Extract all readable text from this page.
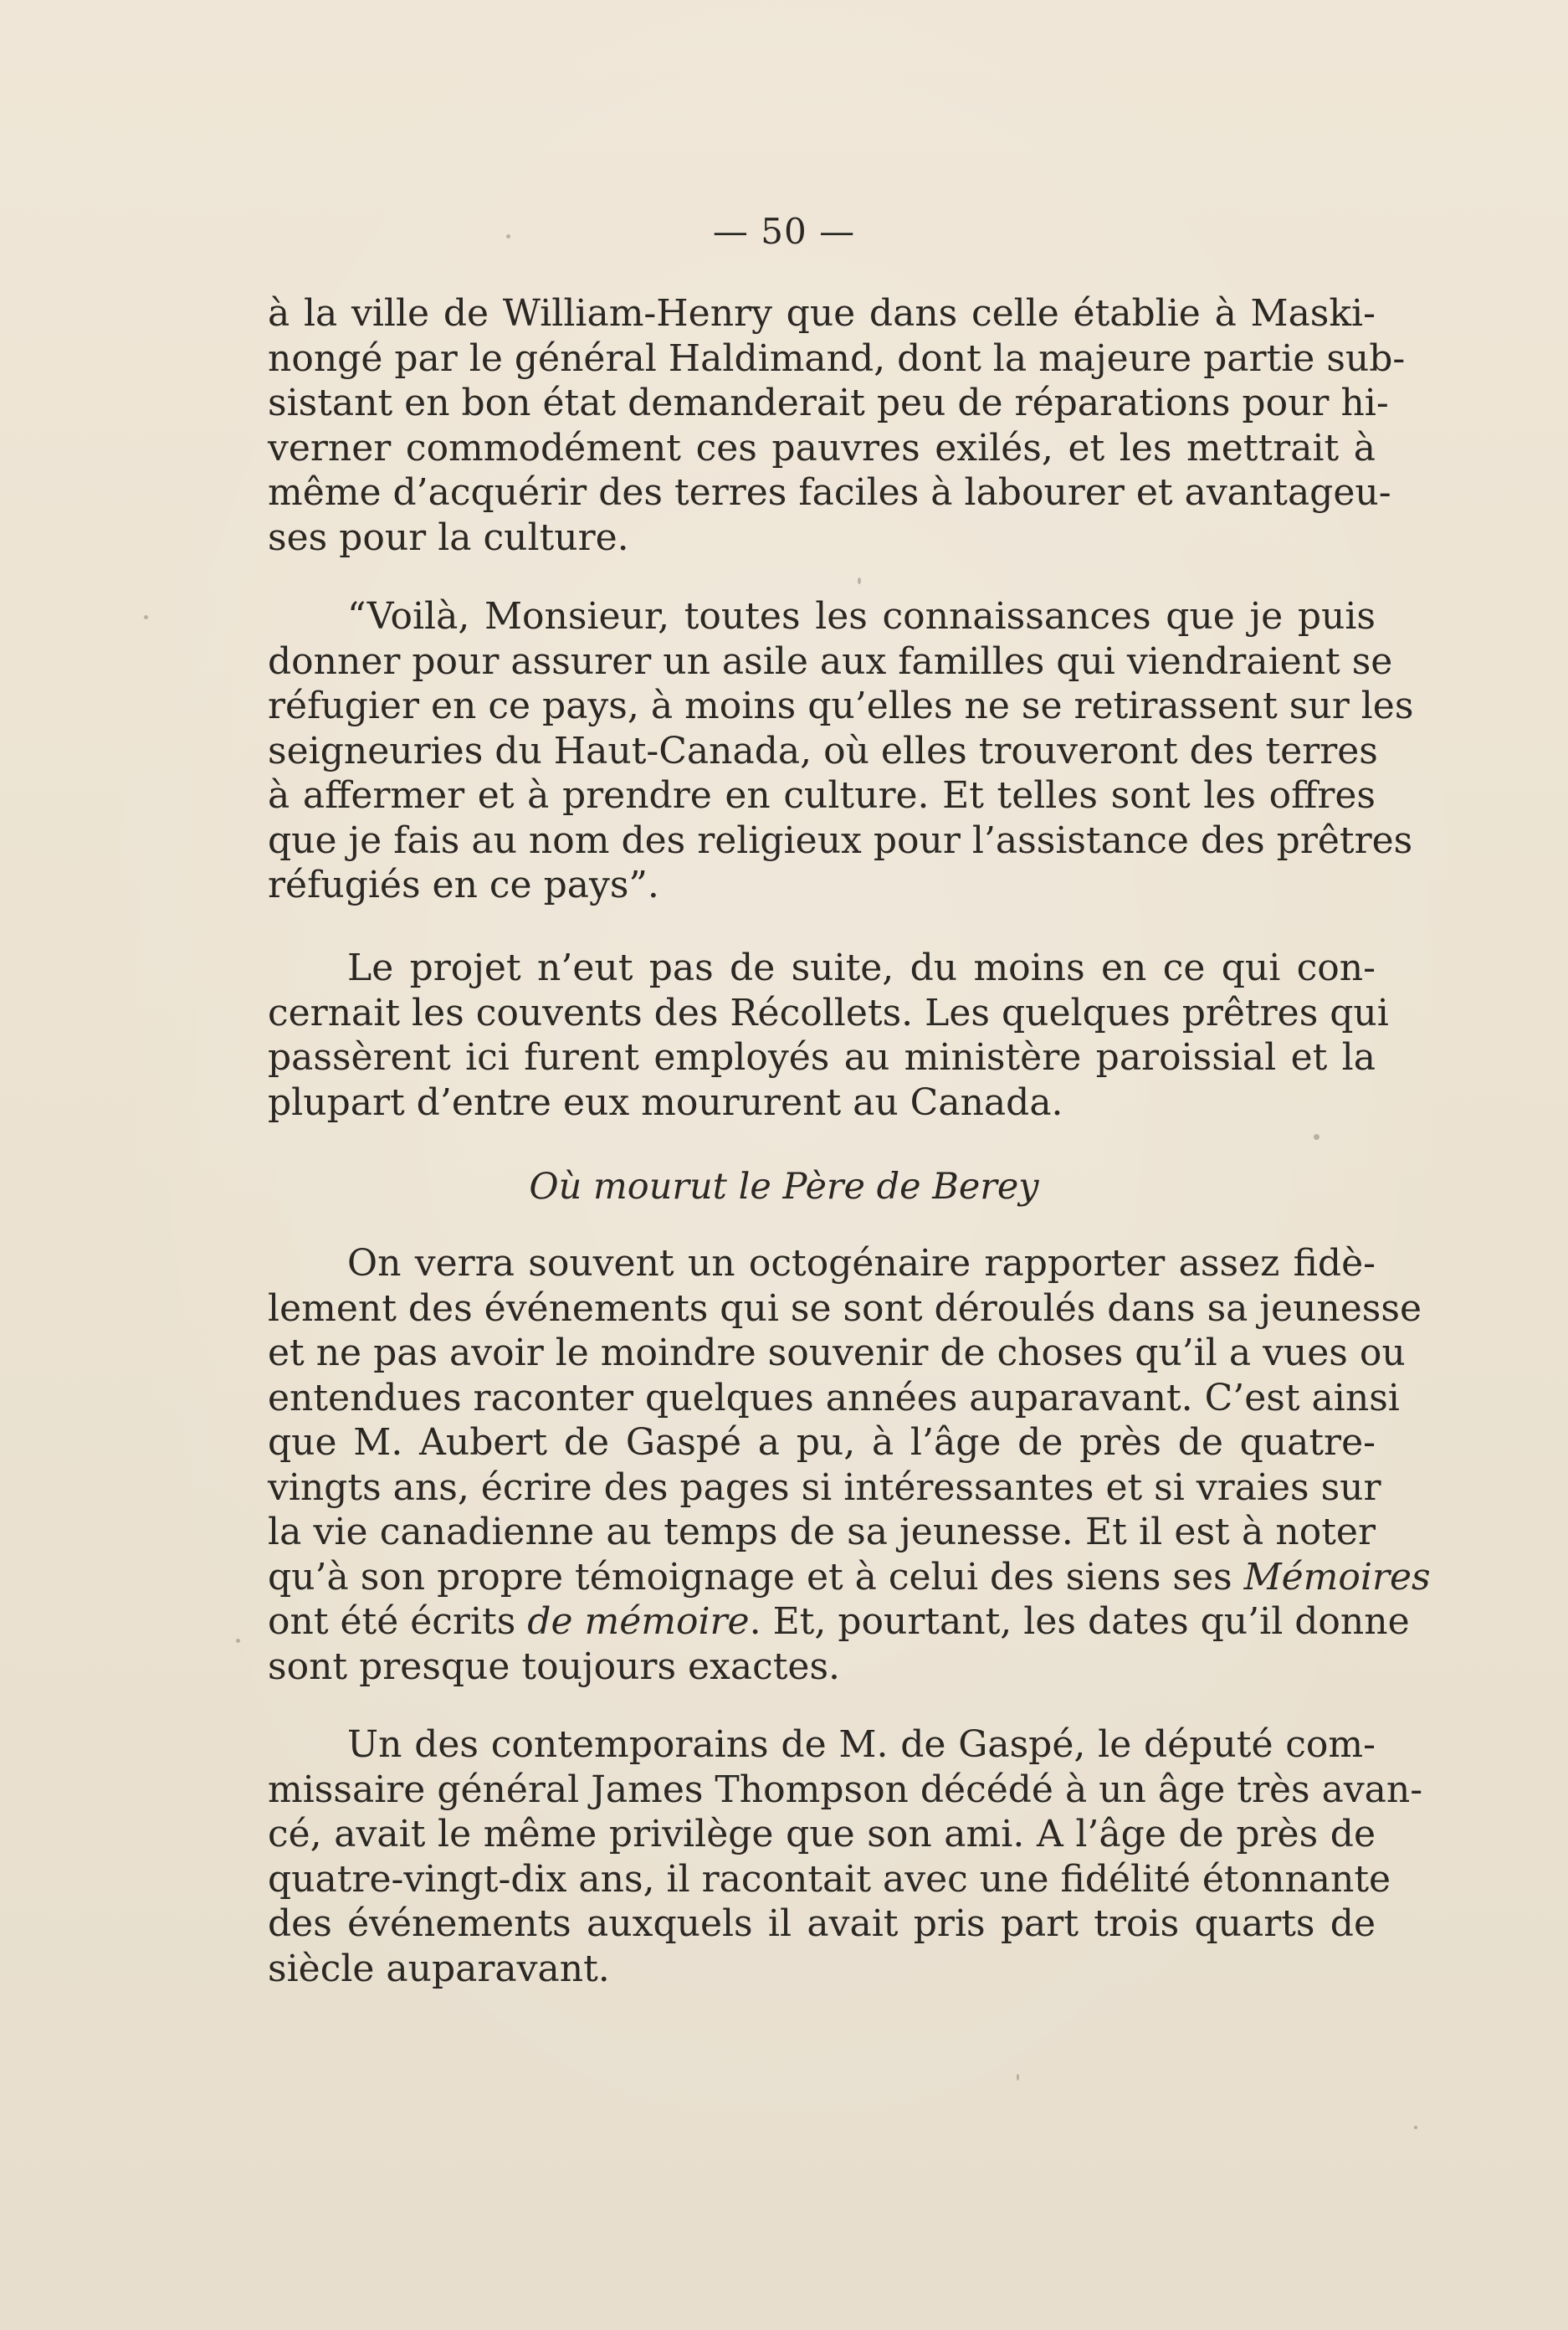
— 50 —

à la ville de William-Henry que dans celle établie à Maski-
nongé par le général Haldimand, dont la majeure partie sub-
sistant en bon état demanderait peu de réparations pour hi-
verner commodément ces pauvres exilés, et les mettrait à
même d’acquérir des terres faciles à labourer et avantageu-
ses pour la culture.

“Voilà, Monsieur, toutes les connaissances que je puis
donner pour assurer un asile aux familles qui viendraient se
réfugier en ce pays, à moins qu’elles ne se retirassent sur les
seigneuries du Haut-Canada, où elles trouveront des terres
à affermer et à prendre en culture. Et telles sont les offres
que je fais au nom des religieux pour l’assistance des prêtres
réfugiés en ce pays”.

Le projet n’eut pas de suite, du moins en ce qui con-
cernait les couvents des Récollets. Les quelques prêtres qui
passèrent ici furent employés au ministère paroissial et la
plupart d’entre eux moururent au Canada.

Où mourut le Père de Berey

On verra souvent un octogénaire rapporter assez fidè-
lement des événements qui se sont déroulés dans sa jeunesse
et ne pas avoir le moindre souvenir de choses qu’il a vues ou
entendues raconter quelques années auparavant. C’est ainsi
que M. Aubert de Gaspé a pu, à l’âge de près de quatre-
vingts ans, écrire des pages si intéressantes et si vraies sur
la vie canadienne au temps de sa jeunesse. Et il est à noter
qu’à son propre témoignage et à celui des siens ses Mémoires
ont été écrits de mémoire. Et, pourtant, les dates qu’il donne
sont presque toujours exactes.

Un des contemporains de M. de Gaspé, le député com-
missaire général James Thompson décédé à un âge très avan-
cé, avait le même privilège que son ami. A l’âge de près de
quatre-vingt-dix ans, il racontait avec une fidélité étonnante
des événements auxquels il avait pris part trois quarts de
siècle auparavant.
